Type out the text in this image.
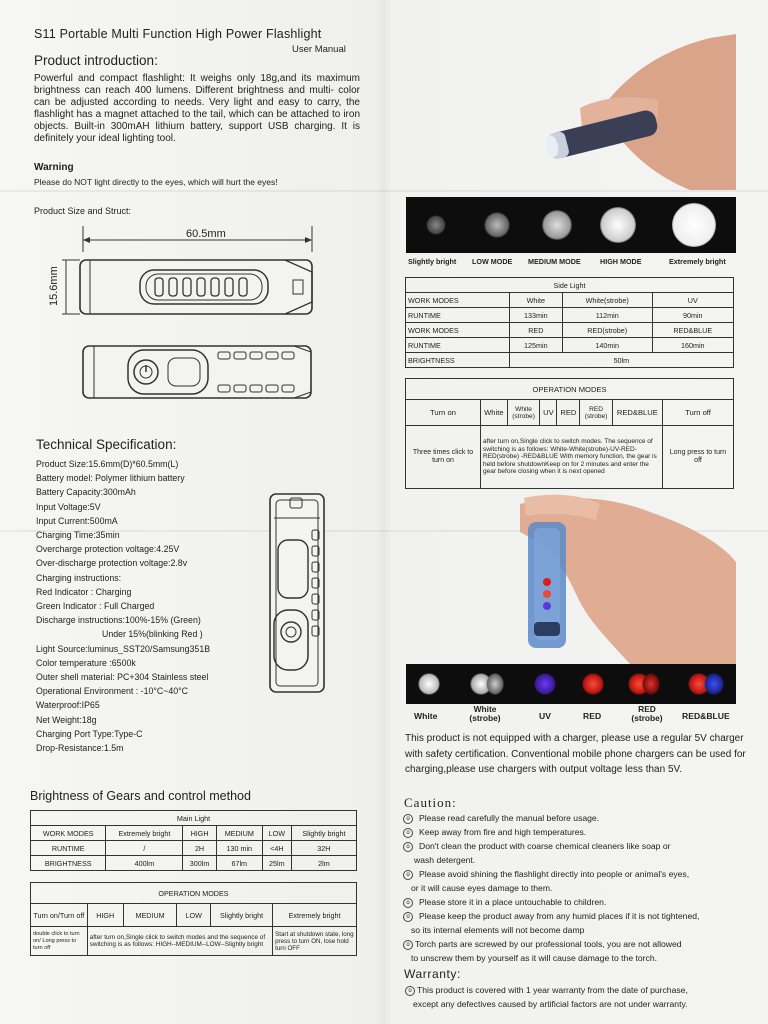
S11 Portable Multi Function High Power Flashlight
User Manual
Product introduction:
Powerful and compact flashlight: It weighs only 18g,and its maximum brightness can reach 400 lumens. Different brightness and multi- color can be adjusted according to needs. Very light and easy to carry, the flashlight has a magnet attached to the tail, which can be attached to iron objects. Built-in 300mAH lithium battery, support USB charging. It is definitely your ideal lighting tool.
Warning
Please do NOT light directly to the eyes, which will hurt the eyes!
Product Size and Struct:
60.5mm
15.6mm
Technical Specification:
Product Size:15.6mm(D)*60.5mm(L)
Battery model: Polymer lithium battery
Battery Capacity:300mAh
Input Voltage:5V
Input Current:500mA
Charging Time:35min
Overcharge protection voltage:4.25V
Over-discharge protection voltage:2.8v
Charging instructions:
Red Indicator : Charging
Green Indicator : Full Charged
Discharge instructions:100%-15% (Green)
Under 15%(blinking Red )
Light Source:luminus_SST20/Samsung351B
Color temperature :6500k
Outer shell material: PC+304 Stainless steel
Operational Environment : -10°C~40°C
Waterproof:IP65
Net Weight:18g
Charging Port Type:Type-C
Drop-Resistance:1.5m
Brightness of Gears and control method
Main Light					
WORK MODES	Extremely bright	HIGH	MEDIUM	LOW	Slightly bright
RUNTIME	/	2H	130 min	<4H	32H
BRIGHTNESS	400lm	300lm	67lm	25lm	2lm
OPERATION MODES					
Turn on/Turn off	HIGH	MEDIUM	LOW	Slightly bright	Extremely bright
double click to turn on/ Long press to turn off	after turn on,Single click to switch modes and the sequence of switching is as follows: HIGH--MEDIUM--LOW--Slightly bright				Start at shutdown state, long press to turn ON, lose hold turn OFF
Slightly bright LOW MODE MEDIUM MODE	HIGH MODE	Extremely bright
Side Light			
WORK MODES	White	White(strobe)	UV
RUNTIME	133min	112min	90min
WORK MODES	RED	RED(strobe)	RED&BLUE
RUNTIME	125min	140min	160min
BRIGHTNESS	50lm		
OPERATION MODES							
Turn on	White	White (strobe)	UV	RED	RED (strobe)	RED&BLUE	Turn off
Three times click to turn on	after turn on,Single click to switch modes. The sequence of switching is as follows: White-White(strobe)-UV-RED-RED(strobe) -RED&BLUE With memory function, the gear is held before shutdownKeep on for 2 minutes and enter the gear before closing when it is next opened						Long press to turn off
White
White (strobe)	UV	RED
RED (strobe)	RED&BLUE
This product is not equipped with a charger, please use a regular 5V charger with safety certification. Conventional mobile phone chargers can be used for charging,please use chargers with output voltage less than 5V.
Caution:
o Please read carefully the manual before usage.
o Keep away from fire and high temperatures.
o Don't clean the product with coarse chemical cleaners like soap or
wash detergent.
o Please avoid shining the flashlight directly into people or animal's eyes,
or it will cause eyes damage to them.
o Please store it in a place untouchable to children.
o Please keep the product away from any humid places if it is not tightened,
so its internal elements will not become damp
o Torch parts are screwed by our professional tools, you are not allowed
to unscrew them by yourself as it will cause damage to the torch.
Warranty:
o This product is covered with 1 year warranty from the date of purchase,
except any defectives caused by artificial factors are not under warranty.
